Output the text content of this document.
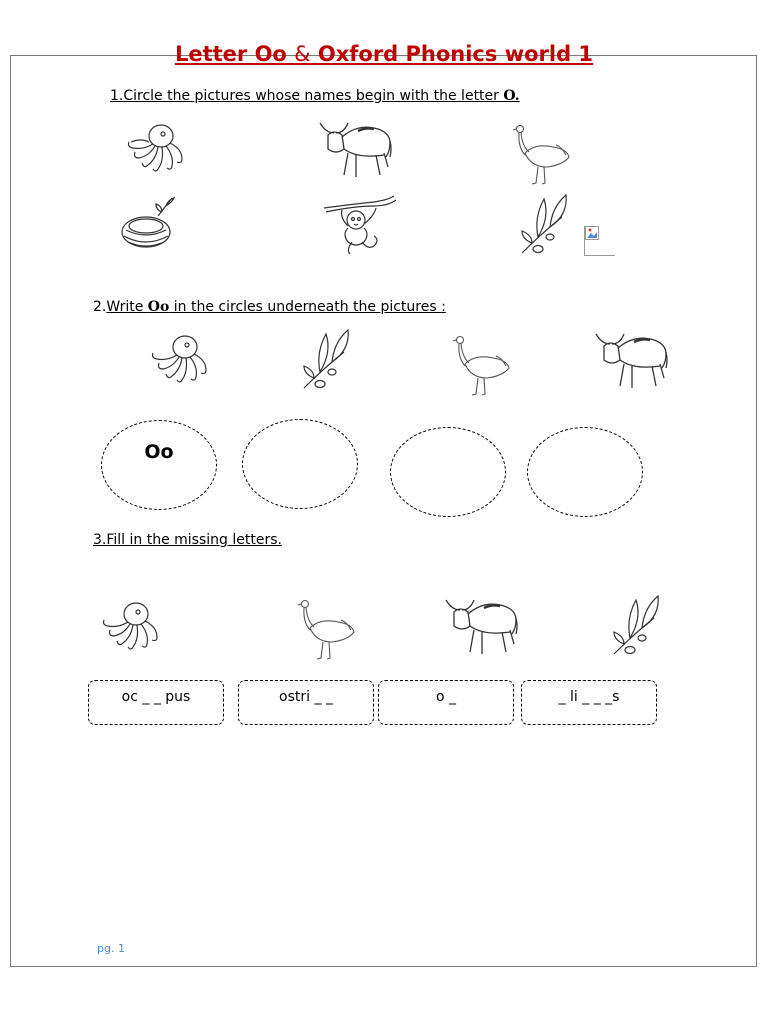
Letter Oo & Oxford Phonics world 1
1.Circle the pictures whose names begin with the letter O.
2.Write Oo in the circles underneath the pictures :
Oo
3.Fill in the missing letters.
oc _ _ pus	ostri _ _	o _	_ li _ _ _s
pg. 1
